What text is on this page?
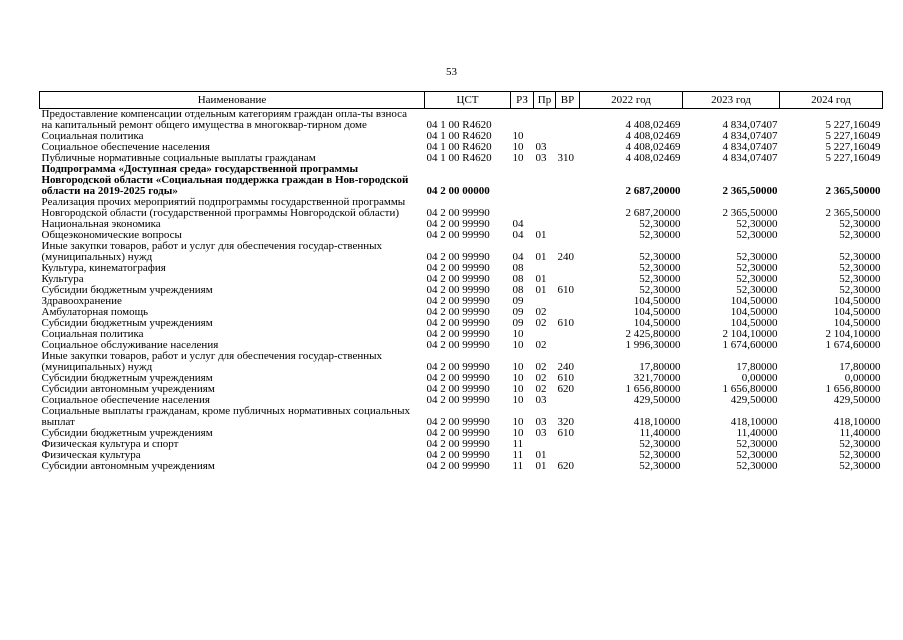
53
Наименование	ЦСТ	РЗ	Пр	ВР	2022 год	2023 год	2024 год
Предоставление компенсации отдельным категориям граждан опла-ты взноса на капитальный ремонт общего имущества в многоквар-тирном доме	04 1 00 R4620				4 408,02469	4 834,07407	5 227,16049
Социальная политика	04 1 00 R4620	10			4 408,02469	4 834,07407	5 227,16049
Социальное обеспечение населения	04 1 00 R4620	10	03		4 408,02469	4 834,07407	5 227,16049
Публичные нормативные социальные выплаты гражданам	04 1 00 R4620	10	03	310	4 408,02469	4 834,07407	5 227,16049
Подпрограмма «Доступная среда» государственной программы Новгородской области «Социальная поддержка граждан в Нов-городской области на 2019-2025 годы»	04 2 00 00000				2 687,20000	2 365,50000	2 365,50000
Реализация прочих мероприятий подпрограммы государственной программы Новгородской области (государственной программы Новгородской области)	04 2 00 99990				2 687,20000	2 365,50000	2 365,50000
Национальная экономика	04 2 00 99990	04			52,30000	52,30000	52,30000
Общеэкономические вопросы	04 2 00 99990	04	01		52,30000	52,30000	52,30000
Иные закупки товаров, работ и услуг для обеспечения государ-ственных (муниципальных) нужд	04 2 00 99990	04	01	240	52,30000	52,30000	52,30000
Культура, кинематография	04 2 00 99990	08			52,30000	52,30000	52,30000
Культура	04 2 00 99990	08	01		52,30000	52,30000	52,30000
Субсидии бюджетным учреждениям	04 2 00 99990	08	01	610	52,30000	52,30000	52,30000
Здравоохранение	04 2 00 99990	09			104,50000	104,50000	104,50000
Амбулаторная помощь	04 2 00 99990	09	02		104,50000	104,50000	104,50000
Субсидии бюджетным учреждениям	04 2 00 99990	09	02	610	104,50000	104,50000	104,50000
Социальная политика	04 2 00 99990	10			2 425,80000	2 104,10000	2 104,10000
Социальное обслуживание населения	04 2 00 99990	10	02		1 996,30000	1 674,60000	1 674,60000
Иные закупки товаров, работ и услуг для обеспечения государ-ственных (муниципальных) нужд	04 2 00 99990	10	02	240	17,80000	17,80000	17,80000
Субсидии бюджетным учреждениям	04 2 00 99990	10	02	610	321,70000	0,00000	0,00000
Субсидии автономным учреждениям	04 2 00 99990	10	02	620	1 656,80000	1 656,80000	1 656,80000
Социальное обеспечение населения	04 2 00 99990	10	03		429,50000	429,50000	429,50000
Социальные выплаты гражданам, кроме публичных нормативных социальных выплат	04 2 00 99990	10	03	320	418,10000	418,10000	418,10000
Субсидии бюджетным учреждениям	04 2 00 99990	10	03	610	11,40000	11,40000	11,40000
Физическая культура и спорт	04 2 00 99990	11			52,30000	52,30000	52,30000
Физическая культура	04 2 00 99990	11	01		52,30000	52,30000	52,30000
Субсидии автономным учреждениям	04 2 00 99990	11	01	620	52,30000	52,30000	52,30000
